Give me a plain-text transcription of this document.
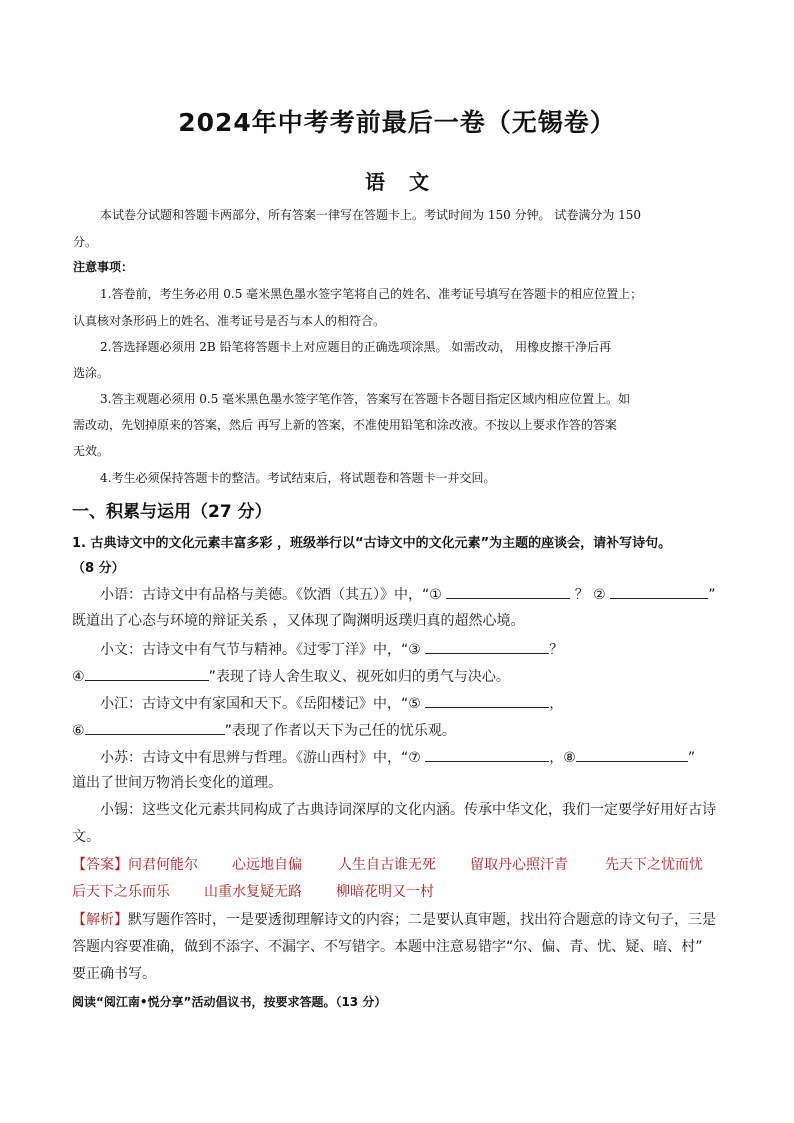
2024年中考考前最后一卷（无锡卷）
语 文
本试卷分试题和答题卡两部分，所有答案一律写在答题卡上。考试时间为 150 分钟。 试卷满分为 150
分。
注意事项：
1.答卷前，考生务必用 0.5 毫米黑色墨水签字笔将自己的姓名、准考证号填写在答题卡的相应位置上；
认真核对条形码上的姓名、准考证号是否与本人的相符合。
2.答选择题必须用 2B 铅笔将答题卡上对应题目的正确选项涂黑。 如需改动， 用橡皮擦干净后再
选涂。
3.答主观题必须用 0.5 毫米黑色墨水签字笔作答，答案写在答题卡各题目指定区域内相应位置上。如
需改动，先划掉原来的答案，然后 再写上新的答案，不准使用铅笔和涂改液。不按以上要求作答的答案
无效。
4.考生必须保持答题卡的整洁。考试结束后，将试题卷和答题卡一并交回。
一、积累与运用（27 分）
1. 古典诗文中的文化元素丰富多彩 ，班级举行以“古诗文中的文化元素”为主题的座谈会，请补写诗句。
（8 分）
小语：古诗文中有品格与美德。《饮酒（其五）》中，“①	？ ②	”
既道出了心态与环境的辩证关系 ，又体现了陶渊明返璞归真的超然心境。
小文：古诗文中有气节与精神。《过零丁洋》中，“③	？
④	”表现了诗人舍生取义、视死如归的勇气与决心。
小江：古诗文中有家国和天下。《岳阳楼记》中，“⑤	，
⑥	”表现了作者以天下为己任的忧乐观。
小苏：古诗文中有思辨与哲理。《游山西村》中，“⑦	，⑧	”
道出了世间万物消长变化的道理。
小锡：这些文化元素共同构成了古典诗词深厚的文化内涵。传承中华文化，我们一定要学好用好古诗
文。
【答案】问君何能尔 心远地自偏	人生自古谁无死 留取丹心照汗青	先天下之忧而忧
后天下之乐而乐 山重水复疑无路 柳暗花明又一村
【解析】默写题作答时，一是要透彻理解诗文的内容；二是要认真审题，找出符合题意的诗文句子，三是
答题内容要准确，做到不添字、不漏字、不写错字。本题中注意易错字“尔、偏、青、忧、疑、暗、村”
要正确书写。
阅读“阅江南•悦分享”活动倡议书，按要求答题。（13 分）
